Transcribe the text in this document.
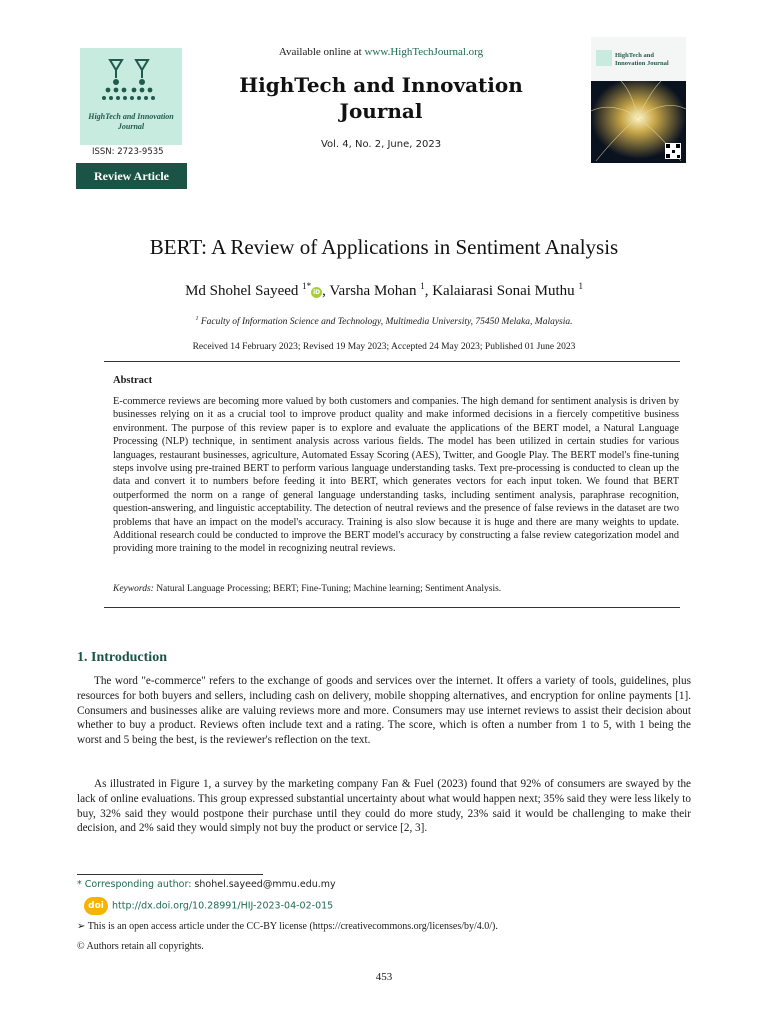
HighTech and Innovation Journal
ISSN: 2723-9535
Review Article
Available online at www.HighTechJournal.org
HighTech and Innovation Journal
Vol. 4, No. 2, June, 2023
HighTech and Innovation Journal
BERT: A Review of Applications in Sentiment Analysis
Md Shohel Sayeed $^{1*}$iD , Varsha Mohan $^1$, Kalaiarasi Sonai Muthu $^1$
$^1$ Faculty of Information Science and Technology, Multimedia University, 75450 Melaka, Malaysia.
Received 14 February 2023; Revised 19 May 2023; Accepted 24 May 2023; Published 01 June 2023
Abstract
E-commerce reviews are becoming more valued by both customers and companies. The high demand for sentiment analysis is driven by businesses relying on it as a crucial tool to improve product quality and make informed decisions in a fiercely competitive business environment. The purpose of this review paper is to explore and evaluate the applications of the BERT model, a Natural Language Processing (NLP) technique, in sentiment analysis across various fields. The model has been utilized in certain studies for various languages, restaurant businesses, agriculture, Automated Essay Scoring (AES), Twitter, and Google Play. The BERT model's fine-tuning steps involve using pre-trained BERT to perform various language understanding tasks. Text pre-processing is conducted to clean up the data and convert it to numbers before feeding it into BERT, which generates vectors for each input token. We found that BERT outperformed the norm on a range of general language understanding tasks, including sentiment analysis, paraphrase recognition, question-answering, and linguistic acceptability. The detection of neutral reviews and the presence of false reviews in the dataset are two problems that have an impact on the model's accuracy. Training is also slow because it is huge and there are many weights to update. Additional research could be conducted to improve the BERT model's accuracy by constructing a false review categorization model and providing more training to the model in recognizing neutral reviews.
Keywords: Natural Language Processing; BERT; Fine-Tuning; Machine learning; Sentiment Analysis.
1. Introduction
The word "e-commerce" refers to the exchange of goods and services over the internet. It offers a variety of tools, guidelines, plus resources for both buyers and sellers, including cash on delivery, mobile shopping alternatives, and encryption for online payments [1]. Consumers and businesses alike are valuing reviews more and more. Consumers may use internet reviews to assist their decision about whether to buy a product. Reviews often include text and a rating. The score, which is often a number from 1 to 5, with 1 being the worst and 5 being the best, is the reviewer's reflection on the text.
As illustrated in Figure 1, a survey by the marketing company Fan & Fuel (2023) found that 92% of consumers are swayed by the lack of online evaluations. This group expressed substantial uncertainty about what would happen next; 35% said they were less likely to buy, 32% said they would postpone their purchase until they could do more study, 23% said it would be challenging to make their decision, and 2% said they would simply not buy the product or service [2, 3].
* Corresponding author: shohel.sayeed@mmu.edu.my
doi http://dx.doi.org/10.28991/HIJ-2023-04-02-015
➢ This is an open access article under the CC-BY license (https://creativecommons.org/licenses/by/4.0/).
© Authors retain all copyrights.
453
